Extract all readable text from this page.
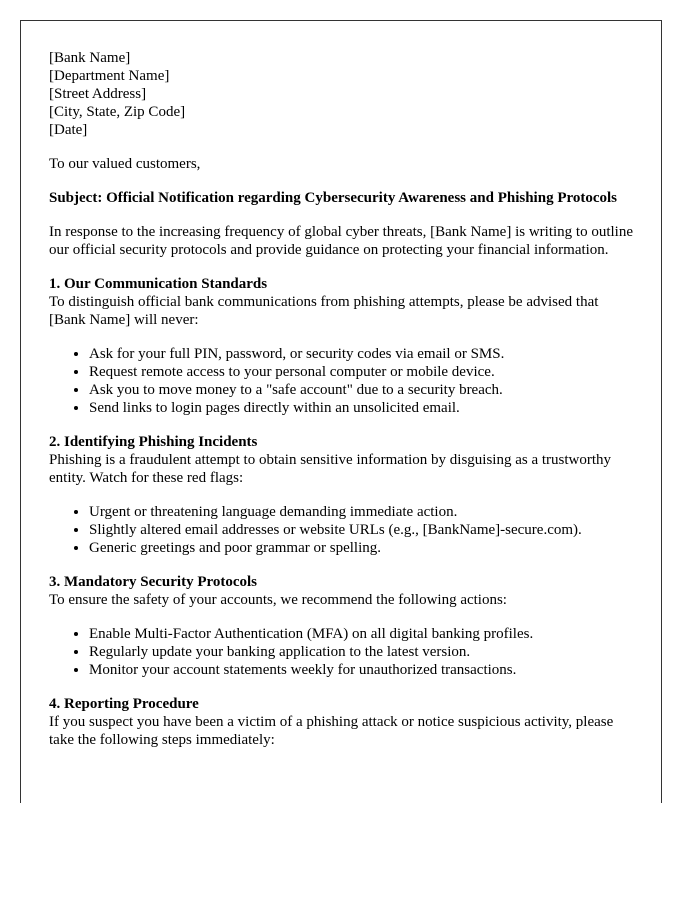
[Bank Name]
[Department Name]
[Street Address]
[City, State, Zip Code]
[Date]

To our valued customers,

Subject: Official Notification regarding Cybersecurity Awareness and Phishing Protocols

In response to the increasing frequency of global cyber threats, [Bank Name] is writing to outline our official security protocols and provide guidance on protecting your financial information.

1. Our Communication Standards

To distinguish official bank communications from phishing attempts, please be advised that [Bank Name] will never:

• Ask for your full PIN, password, or security codes via email or SMS.
• Request remote access to your personal computer or mobile device.
• Ask you to move money to a "safe account" due to a security breach.
• Send links to login pages directly within an unsolicited email.
2. Identifying Phishing Incidents

Phishing is a fraudulent attempt to obtain sensitive information by disguising as a trustworthy entity. Watch for these red flags:

• Urgent or threatening language demanding immediate action.
• Slightly altered email addresses or website URLs (e.g., [BankName]-secure.com).
• Generic greetings and poor grammar or spelling.
3. Mandatory Security Protocols

To ensure the safety of your accounts, we recommend the following actions:

• Enable Multi-Factor Authentication (MFA) on all digital banking profiles.
• Regularly update your banking application to the latest version.
• Monitor your account statements weekly for unauthorized transactions.
4. Reporting Procedure

If you suspect you have been a victim of a phishing attack or notice suspicious activity, please take the following steps immediately:
